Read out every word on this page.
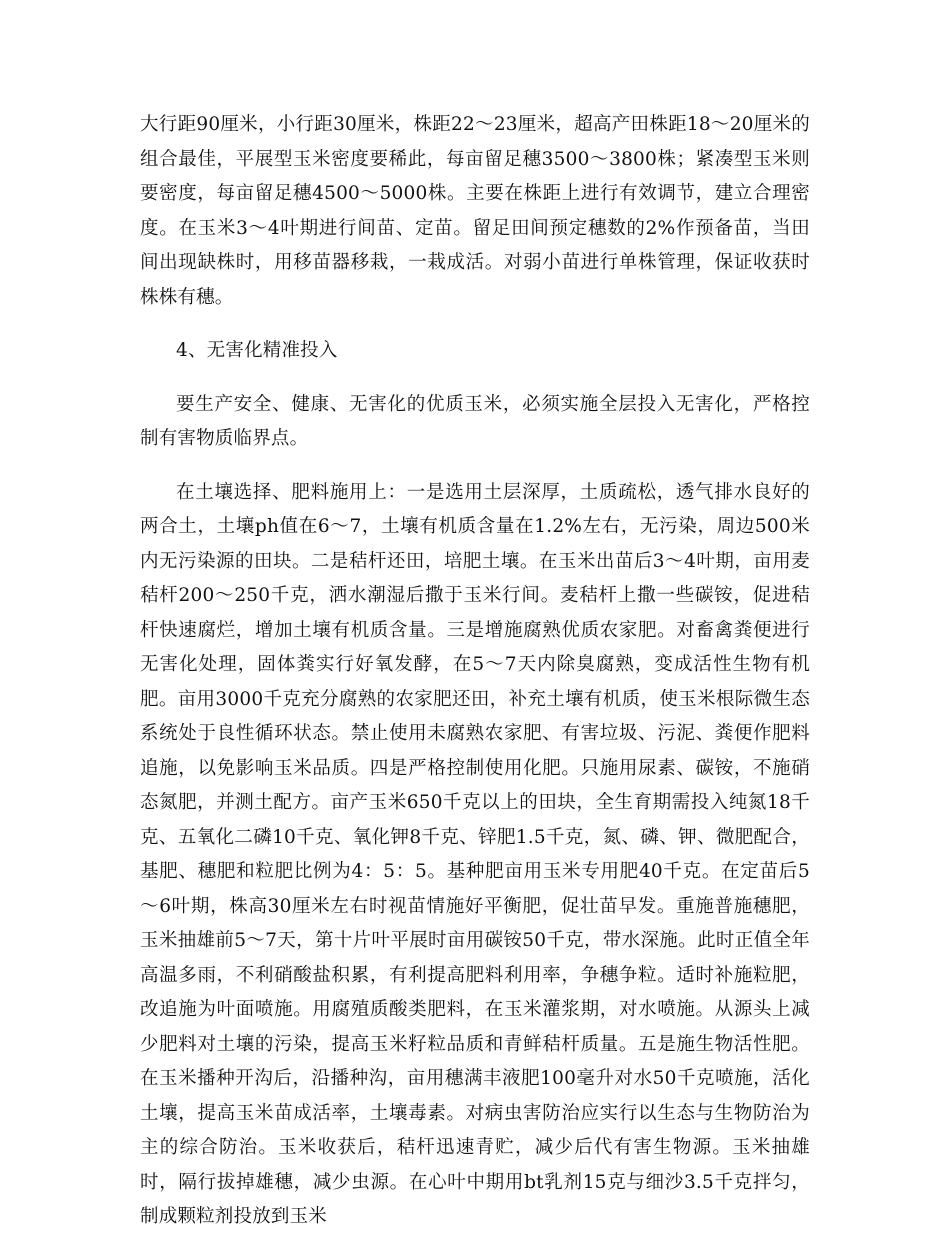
大行距90厘米，小行距30厘米，株距22～23厘米，超高产田株距18～20厘米的组合最佳，平展型玉米密度要稀此，每亩留足穗3500～3800株；紧凑型玉米则要密度，每亩留足穗4500～5000株。主要在株距上进行有效调节，建立合理密度。在玉米3～4叶期进行间苗、定苗。留足田间预定穗数的2%作预备苗，当田间出现缺株时，用移苗器移栽，一栽成活。对弱小苗进行单株管理，保证收获时株株有穗。

4、无害化精准投入

要生产安全、健康、无害化的优质玉米，必须实施全层投入无害化，严格控制有害物质临界点。

在土壤选择、肥料施用上：一是选用土层深厚，土质疏松，透气排水良好的两合土，土壤ph值在6～7，土壤有机质含量在1.2%左右，无污染，周边500米内无污染源的田块。二是秸杆还田，培肥土壤。在玉米出苗后3～4叶期，亩用麦秸杆200～250千克，洒水潮湿后撒于玉米行间。麦秸杆上撒一些碳铵，促进秸杆快速腐烂，增加土壤有机质含量。三是增施腐熟优质农家肥。对畜禽粪便进行无害化处理，固体粪实行好氧发酵，在5～7天内除臭腐熟，变成活性生物有机肥。亩用3000千克充分腐熟的农家肥还田，补充土壤有机质，使玉米根际微生态系统处于良性循环状态。禁止使用未腐熟农家肥、有害垃圾、污泥、粪便作肥料追施，以免影响玉米品质。四是严格控制使用化肥。只施用尿素、碳铵，不施硝态氮肥，并测土配方。亩产玉米650千克以上的田块，全生育期需投入纯氮18千克、五氧化二磷10千克、氧化钾8千克、锌肥1.5千克，氮、磷、钾、微肥配合，基肥、穗肥和粒肥比例为4：5：5。基种肥亩用玉米专用肥40千克。在定苗后5～6叶期，株高30厘米左右时视苗情施好平衡肥，促壮苗早发。重施普施穗肥，玉米抽雄前5～7天，第十片叶平展时亩用碳铵50千克，带水深施。此时正值全年高温多雨，不利硝酸盐积累，有利提高肥料利用率，争穗争粒。适时补施粒肥，改追施为叶面喷施。用腐殖质酸类肥料，在玉米灌浆期，对水喷施。从源头上减少肥料对土壤的污染，提高玉米籽粒品质和青鲜秸杆质量。五是施生物活性肥。在玉米播种开沟后，沿播种沟，亩用穗满丰液肥100毫升对水50千克喷施，活化土壤，提高玉米苗成活率，土壤毒素。对病虫害防治应实行以生态与生物防治为主的综合防治。玉米收获后，秸杆迅速青贮，减少后代有害生物源。玉米抽雄时，隔行拔掉雄穗，减少虫源。在心叶中期用bt乳剂15克与细沙3.5千克拌匀，制成颗粒剂投放到玉米
